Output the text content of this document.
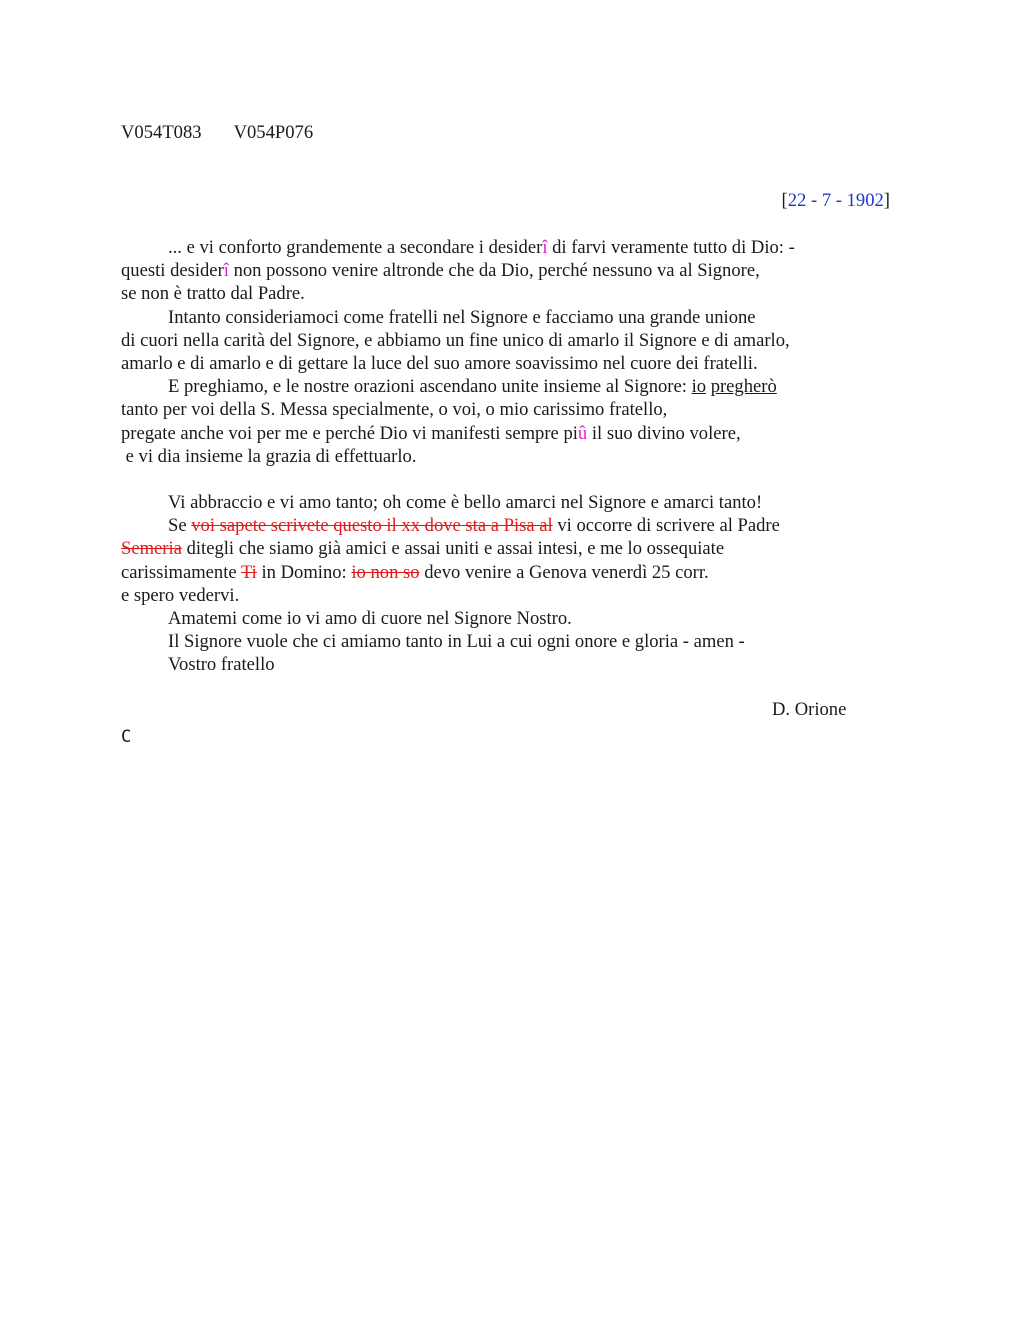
V054T083 V054P076
[22 - 7 - 1902]
... e vi conforto grandemente a secondare i desiderî di farvi veramente tutto di Dio: -
questi desiderî non possono venire altronde che da Dio, perché nessuno va al Signore,
se non è tratto dal Padre.
Intanto consideriamoci come fratelli nel Signore e facciamo una grande unione
di cuori nella carità del Signore, e abbiamo un fine unico di amarlo il Signore e di amarlo,
amarlo e di amarlo e di gettare la luce del suo amore soavissimo nel cuore dei fratelli.
E preghiamo, e le nostre orazioni ascendano unite insieme al Signore: io pregherò
tanto per voi della S. Messa specialmente, o voi, o mio carissimo fratello,
pregate anche voi per me e perché Dio vi manifesti sempre piû il suo divino volere,
e vi dia insieme la grazia di effettuarlo.
Vi abbraccio e vi amo tanto; oh come è bello amarci nel Signore e amarci tanto!
Se voi sapete scrivete questo il xx dove sta a Pisa al vi occorre di scrivere al Padre
Semeria ditegli che siamo già amici e assai uniti e assai intesi, e me lo ossequiate
carissimamente Ti in Domino: io non so devo venire a Genova venerdì 25 corr.
e spero vedervi.
Amatemi come io vi amo di cuore nel Signore Nostro.
Il Signore vuole che ci amiamo tanto in Lui a cui ogni onore e gloria - amen -
Vostro fratello
D. Orione
C
